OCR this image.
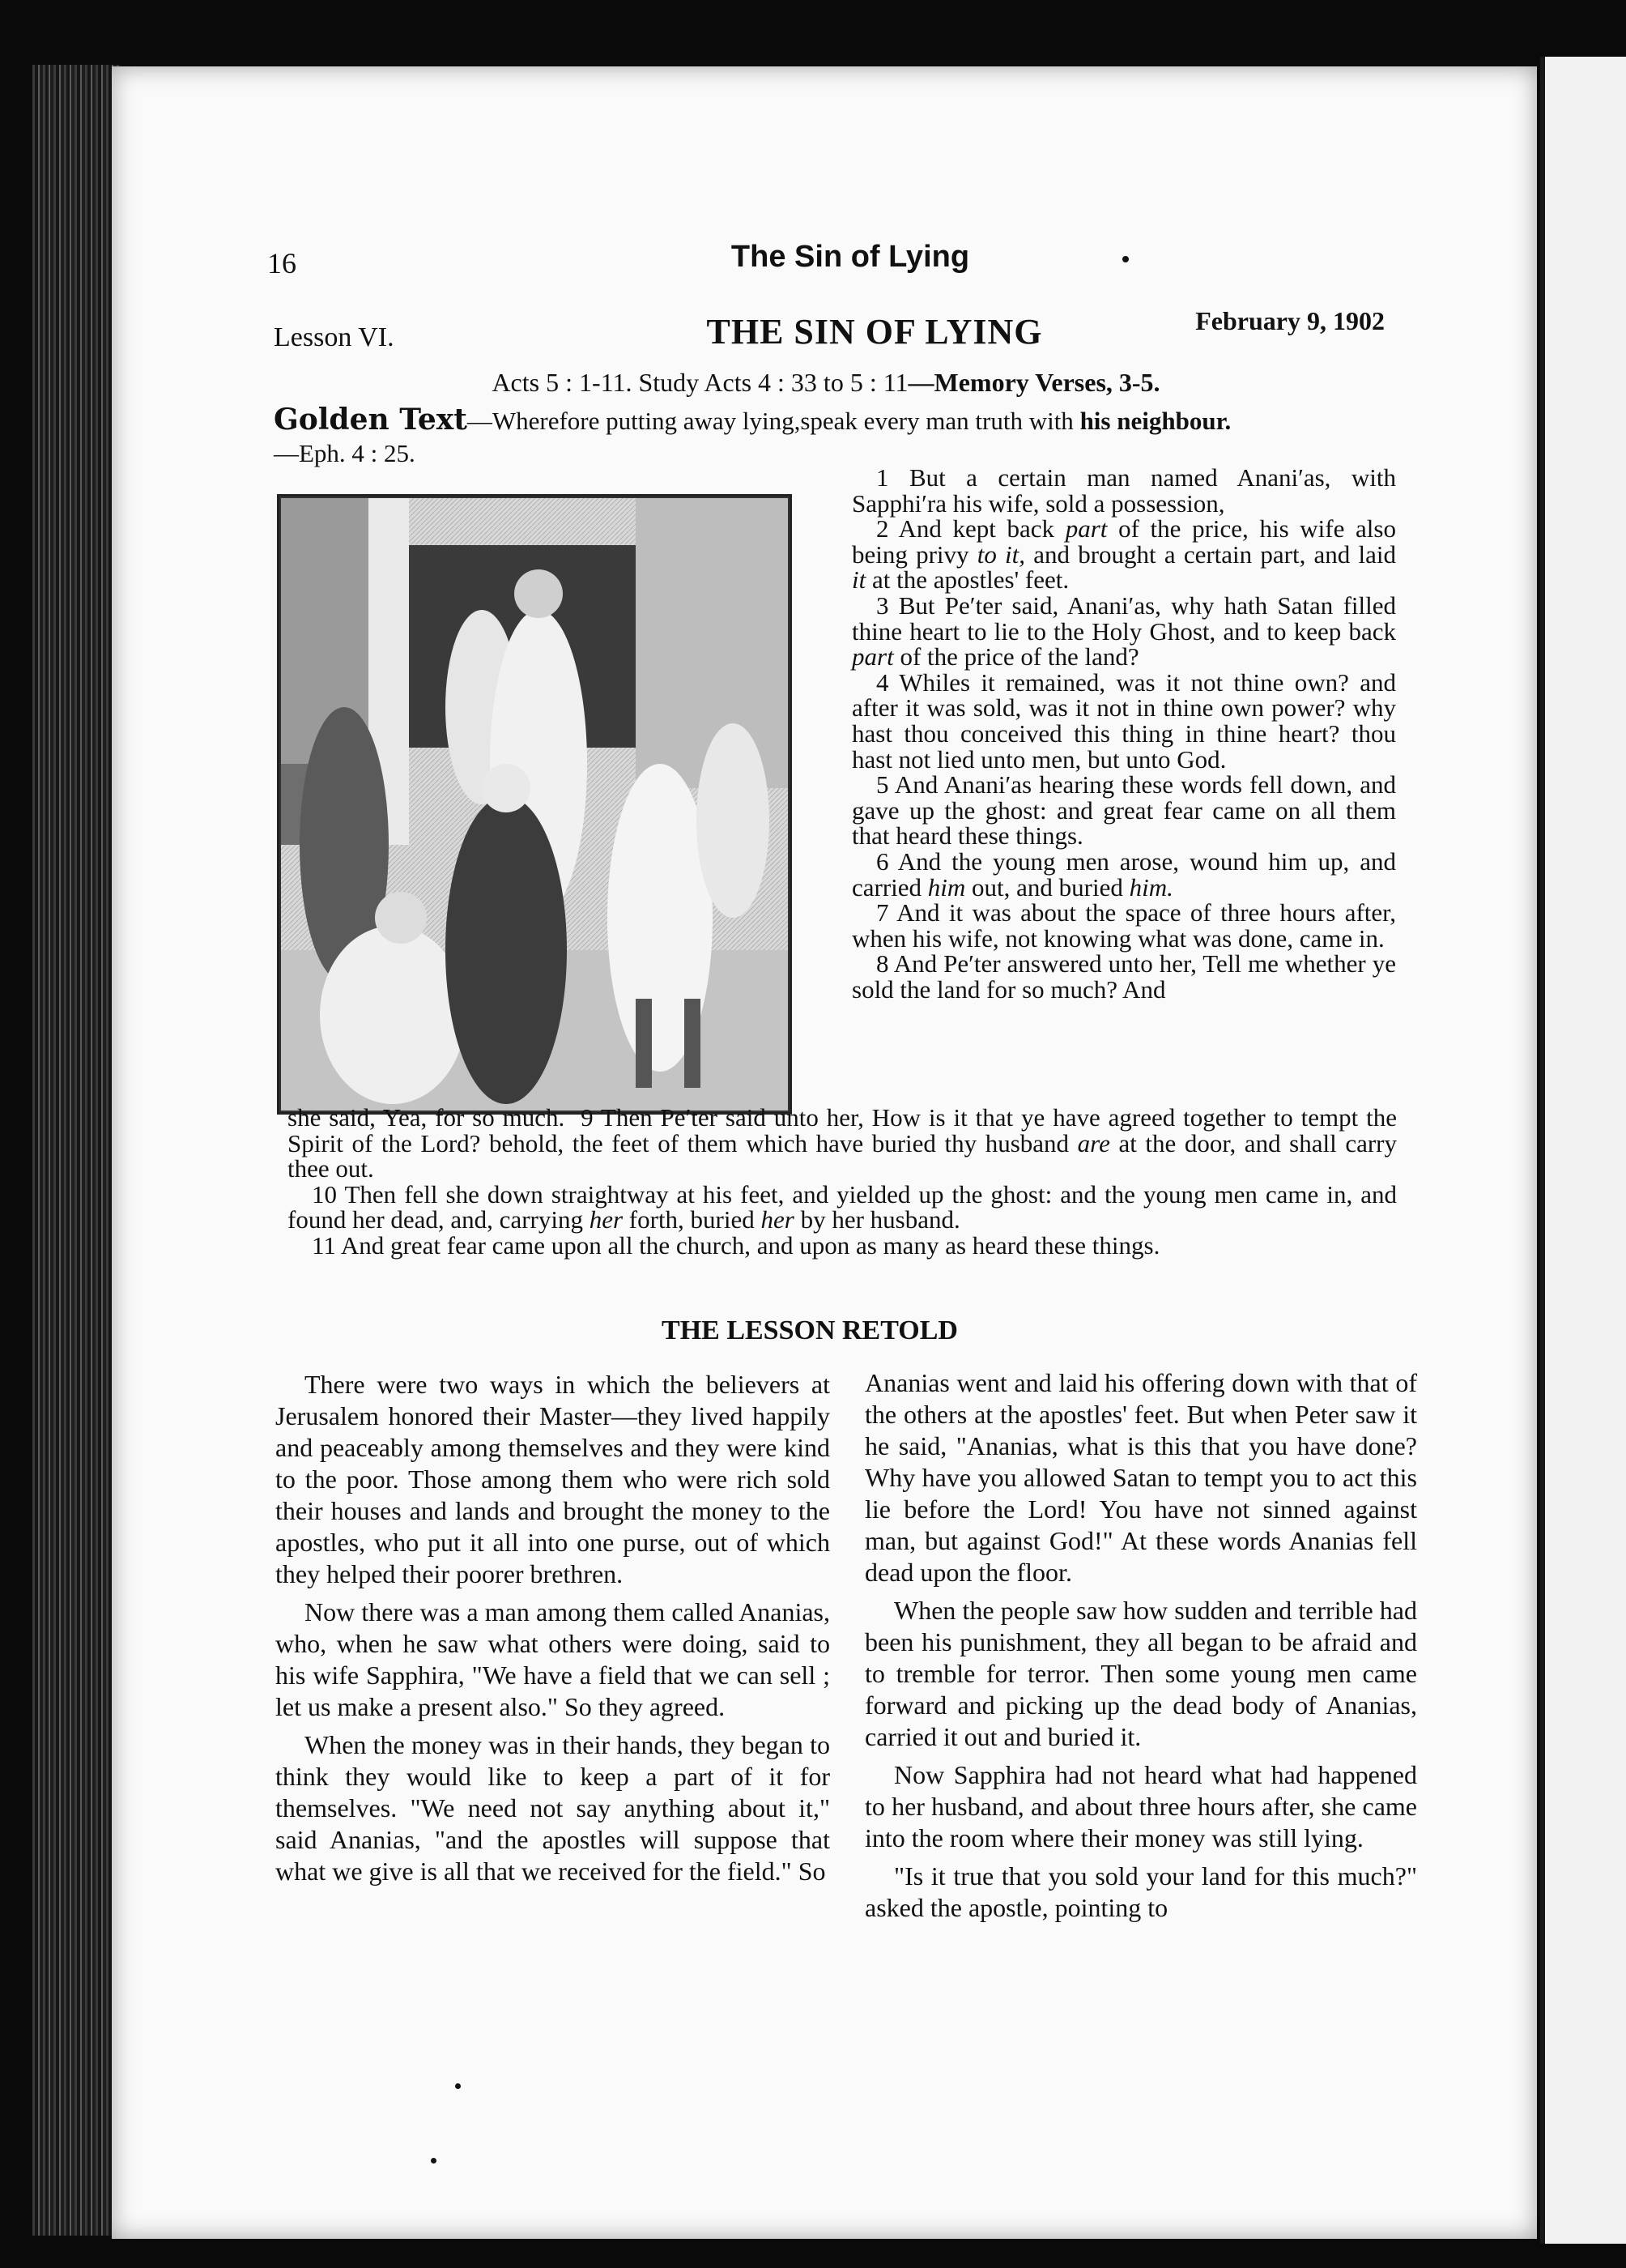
16	The Sin of Lying
Lesson VI.	THE SIN OF LYING	February 9, 1902
Acts 5 : 1-11. Study Acts 4 : 33 to 5 : 11—Memory Verses, 3-5.
Golden Text—Wherefore putting away lying,speak every man truth with his neighbour.
—Eph. 4 : 25.

1 But a certain man named Anani′as, with Sapphi′ra his wife, sold a possession,

2 And kept back part of the price, his wife also being privy to it, and brought a certain part, and laid it at the apostles' feet.

3 But Pe′ter said, Anani′as, why hath Satan filled thine heart to lie to the Holy Ghost, and to keep back part of the price of the land?

4 Whiles it remained, was it not thine own? and after it was sold, was it not in thine own power? why hast thou conceived this thing in thine heart? thou hast not lied unto men, but unto God.

5 And Anani′as hearing these words fell down, and gave up the ghost: and great fear came on all them that heard these things.

6 And the young men arose, wound him up, and carried him out, and buried him.

7 And it was about the space of three hours after, when his wife, not knowing what was done, came in.

8 And Pe′ter answered unto her, Tell me whether ye sold the land for so much? And

she said, Yea, for so much. 9 Then Pe′ter said unto her, How is it that ye have agreed together to tempt the Spirit of the Lord? behold, the feet of them which have buried thy husband are at the door, and shall carry thee out.

10 Then fell she down straightway at his feet, and yielded up the ghost: and the young men came in, and found her dead, and, carrying her forth, buried her by her husband.

11 And great fear came upon all the church, and upon as many as heard these things.

THE LESSON RETOLD

There were two ways in which the believers at Jerusalem honored their Master—they lived happily and peaceably among themselves and they were kind to the poor. Those among them who were rich sold their houses and lands and brought the money to the apostles, who put it all into one purse, out of which they helped their poorer brethren.

Now there was a man among them called Ananias, who, when he saw what others were doing, said to his wife Sapphira, "We have a field that we can sell ; let us make a present also." So they agreed.

When the money was in their hands, they began to think they would like to keep a part of it for themselves. "We need not say anything about it," said Ananias, "and the apostles will suppose that what we give is all that we received for the field." So

Ananias went and laid his offering down with that of the others at the apostles' feet. But when Peter saw it he said, "Ananias, what is this that you have done? Why have you allowed Satan to tempt you to act this lie before the Lord! You have not sinned against man, but against God!" At these words Ananias fell dead upon the floor.

When the people saw how sudden and terrible had been his punishment, they all began to be afraid and to tremble for terror. Then some young men came forward and picking up the dead body of Ananias, carried it out and buried it.

Now Sapphira had not heard what had happened to her husband, and about three hours after, she came into the room where their money was still lying.

"Is it true that you sold your land for this much?" asked the apostle, pointing to
